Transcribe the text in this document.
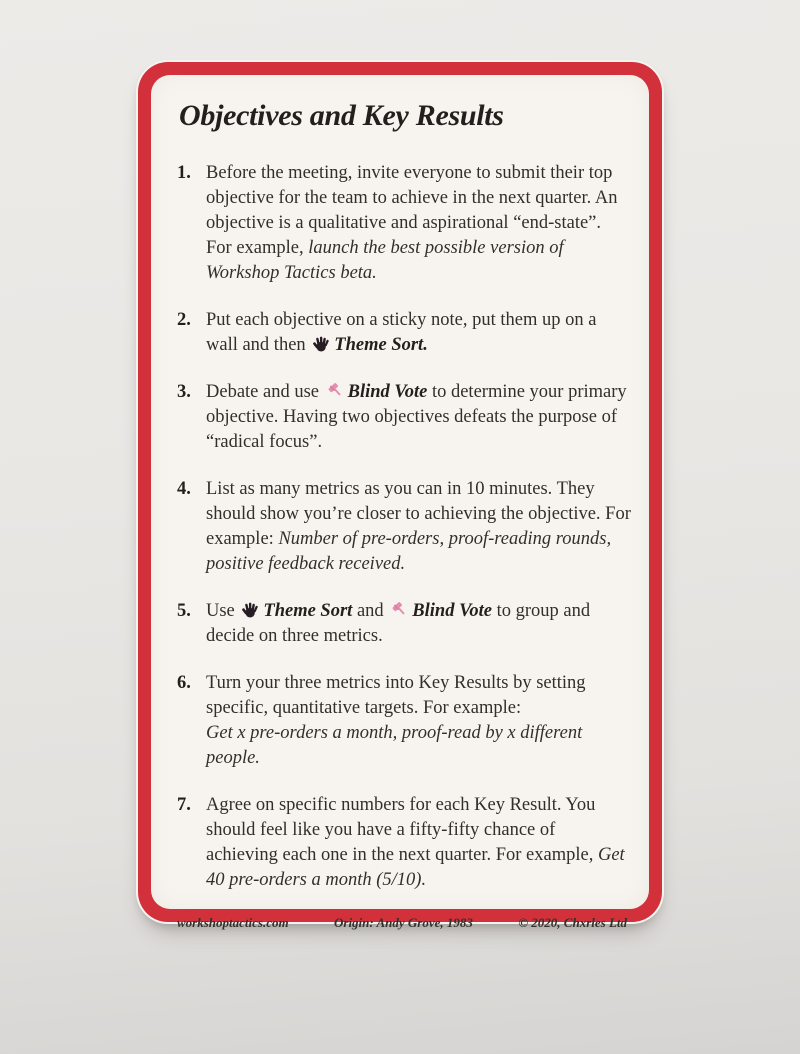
Objectives and Key Results
1. Before the meeting, invite everyone to submit their top objective for the team to achieve in the next quarter. An objective is a qualitative and aspirational “end-state”. For example, launch the best possible version of Workshop Tactics beta.
2. Put each objective on a sticky note, put them up on a wall and then Theme Sort.
3. Debate and use Blind Vote to determine your primary objective. Having two objectives defeats the purpose of “radical focus”.
4. List as many metrics as you can in 10 minutes. They should show you’re closer to achieving the objective. For example: Number of pre-orders, proof-reading rounds, positive feedback received.
5. Use Theme Sort and Blind Vote to group and decide on three metrics.
6. Turn your three metrics into Key Results by setting specific, quantitative targets. For example:
Get x pre-orders a month, proof-read by x different people.
7. Agree on specific numbers for each Key Result. You should feel like you have a fifty-fifty chance of achieving each one in the next quarter. For example, Get 40 pre-orders a month (5/10).
workshoptactics.com	Origin: Andy Grove, 1983	© 2020, Chxrles Ltd
